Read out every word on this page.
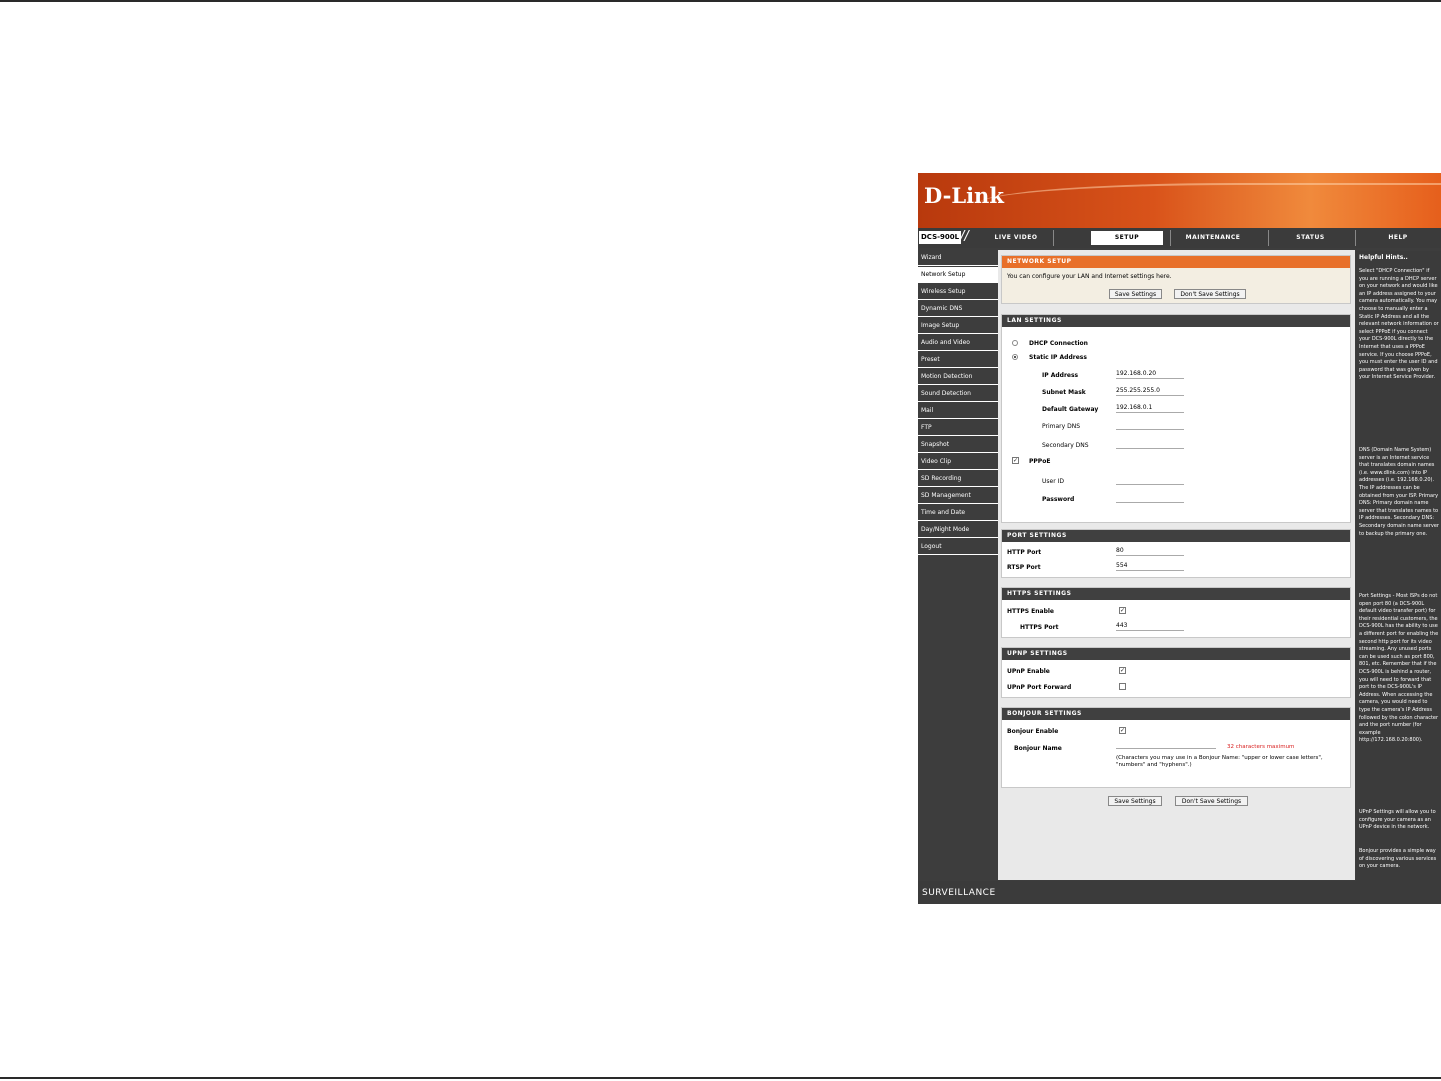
D-Link
DCS-900L //	LIVE VIDEO	SETUP	MAINTENANCE	STATUS	HELP
Wizard
Network Setup
Wireless Setup
Dynamic DNS
Image Setup
Audio and Video
Preset
Motion Detection
Sound Detection
Mail
FTP
Snapshot
Video Clip
SD Recording
SD Management
Time and Date
Day/Night Mode
Logout
NETWORK SETUP
You can configure your LAN and Internet settings here.
Save Settings	Don't Save Settings
LAN SETTINGS
DHCP Connection
Static IP Address
IP Address	192.168.0.20
Subnet Mask	255.255.255.0
Default Gateway	192.168.0.1
Primary DNS
Secondary DNS
✓ PPPoE
User ID
Password
PORT SETTINGS
HTTP Port	80
RTSP Port	554
HTTPS SETTINGS
HTTPS Enable	✓
HTTPS Port	443
UPNP SETTINGS
UPnP Enable	✓
UPnP Port Forward
BONJOUR SETTINGS
Bonjour Enable	✓
Bonjour Name	32 characters maximum
(Characters you may use in a Bonjour Name: "upper or lower case letters", "numbers" and "hyphens".)
Save Settings	Don't Save Settings
Helpful Hints..
Select "DHCP Connection" if you are running a DHCP server on your network and would like an IP address assigned to your camera automatically. You may choose to manually enter a Static IP Address and all the relevant network information or select PPPoE if you connect your DCS-900L directly to the Internet that uses a PPPoE service. If you choose PPPoE, you must enter the user ID and password that was given by your Internet Service Provider.
DNS (Domain Name System) server is an Internet service that translates domain names (i.e. www.dlink.com) into IP addresses (i.e. 192.168.0.20). The IP addresses can be obtained from your ISP. Primary DNS: Primary domain name server that translates names to IP addresses. Secondary DNS: Secondary domain name server to backup the primary one.
Port Settings - Most ISPs do not open port 80 (a DCS-900L default video transfer port) for their residential customers, the DCS-900L has the ability to use a different port for enabling the second http port for its video streaming. Any unused ports can be used such as port 800, 801, etc. Remember that if the DCS-900L is behind a router, you will need to forward that port to the DCS-900L's IP Address. When accessing the camera, you would need to type the camera's IP Address followed by the colon character and the port number (for example http://172.168.0.20:800).
UPnP Settings will allow you to configure your camera as an UPnP device in the network.
Bonjour provides a simple way of discovering various services on your camera.
SURVEILLANCE
